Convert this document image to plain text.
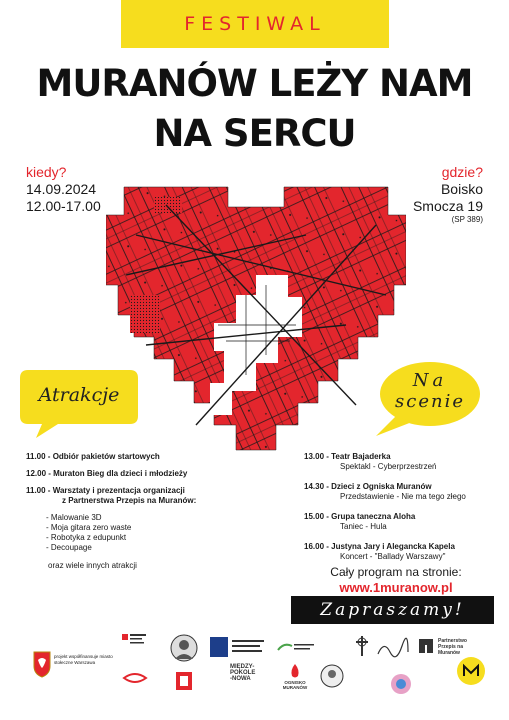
FESTIWAL
MURANÓW LEŻY NAM
NA SERCU
kiedy?
14.09.2024
12.00-17.00
gdzie?
Boisko
Smocza 19
(SP 389)
Atrakcje
Na
scenie
11.00 - Odbiór pakietów startowych
12.00 - Muraton Bieg dla dzieci i młodzieży
11.00 - Warsztaty i prezentacja organizacji
z Partnerstwa Przepis na Muranów:
- Malowanie 3D
- Moja gitara zero waste
- Robotyka z edupunkt
- Decoupage
oraz wiele innych atrakcji
13.00 - Teatr Bajaderka
Spektakl - Cyberprzestrzeń
14.30 - Dzieci z Ogniska Muranów
Przedstawienie - Nie ma tego złego
15.00 - Grupa taneczna Aloha
Taniec - Hula
16.00 - Justyna Jary i Alegancka Kapela
Koncert - "Ballady Warszawy"
Cały program na stronie:
www.1muranow.pl
Zapraszamy!
projekt współfinansuje miasto stołeczne Warszawa
MIĘDZY-
POKOLE
-NOWA
OGNISKO
MURANÓW
Partnerstwo Przepis na Muranów
